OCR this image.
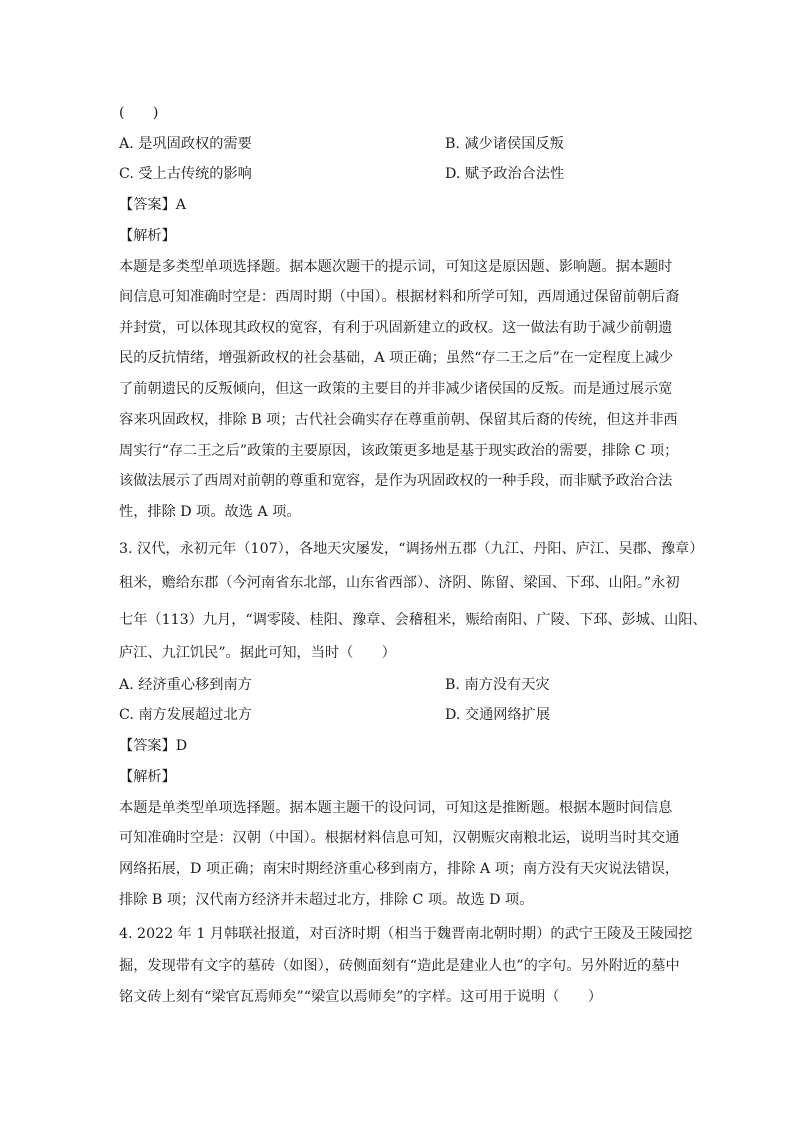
(　　)
A. 是巩固政权的需要	B. 减少诸侯国反叛
C. 受上古传统的影响	D. 赋予政治合法性
【答案】A
【解析】
本题是多类型单项选择题。据本题次题干的提示词，可知这是原因题、影响题。据本题时
间信息可知准确时空是：西周时期（中国）。根据材料和所学可知，西周通过保留前朝后裔
并封赏，可以体现其政权的宽容，有利于巩固新建立的政权。这一做法有助于减少前朝遗
民的反抗情绪，增强新政权的社会基础，A 项正确；虽然“存二王之后”在一定程度上减少
了前朝遗民的反叛倾向，但这一政策的主要目的并非减少诸侯国的反叛。而是通过展示宽
容来巩固政权，排除 B 项；古代社会确实存在尊重前朝、保留其后裔的传统，但这并非西
周实行“存二王之后”政策的主要原因，该政策更多地是基于现实政治的需要，排除 C 项；
该做法展示了西周对前朝的尊重和宽容，是作为巩固政权的一种手段，而非赋予政治合法
性，排除 D 项。故选 A 项。
3. 汉代，永初元年（107），各地天灾屡发，“调扬州五郡（九江、丹阳、庐江、吴郡、豫章）
租米，赡给东郡（今河南省东北部，山东省西部）、济阴、陈留、梁国、下邳、山阳。”永初
七年（113）九月，“调零陵、桂阳、豫章、会稽租米，赈给南阳、广陵、下邳、彭城、山阳、
庐江、九江饥民”。据此可知，当时（　　）
A. 经济重心移到南方	B. 南方没有天灾
C. 南方发展超过北方	D. 交通网络扩展
【答案】D
【解析】
本题是单类型单项选择题。据本题主题干的设问词，可知这是推断题。根据本题时间信息
可知准确时空是：汉朝（中国）。根据材料信息可知，汉朝赈灾南粮北运，说明当时其交通
网络拓展，D 项正确；南宋时期经济重心移到南方，排除 A 项；南方没有天灾说法错误，
排除 B 项；汉代南方经济并未超过北方，排除 C 项。故选 D 项。
4. 2022 年 1 月韩联社报道，对百济时期（相当于魏晋南北朝时期）的武宁王陵及王陵园挖
掘，发现带有文字的墓砖（如图），砖侧面刻有“造此是建业人也”的字句。另外附近的墓中
铭文砖上刻有“梁官瓦焉师矣”“梁宣以焉师矣”的字样。这可用于说明（　　）
